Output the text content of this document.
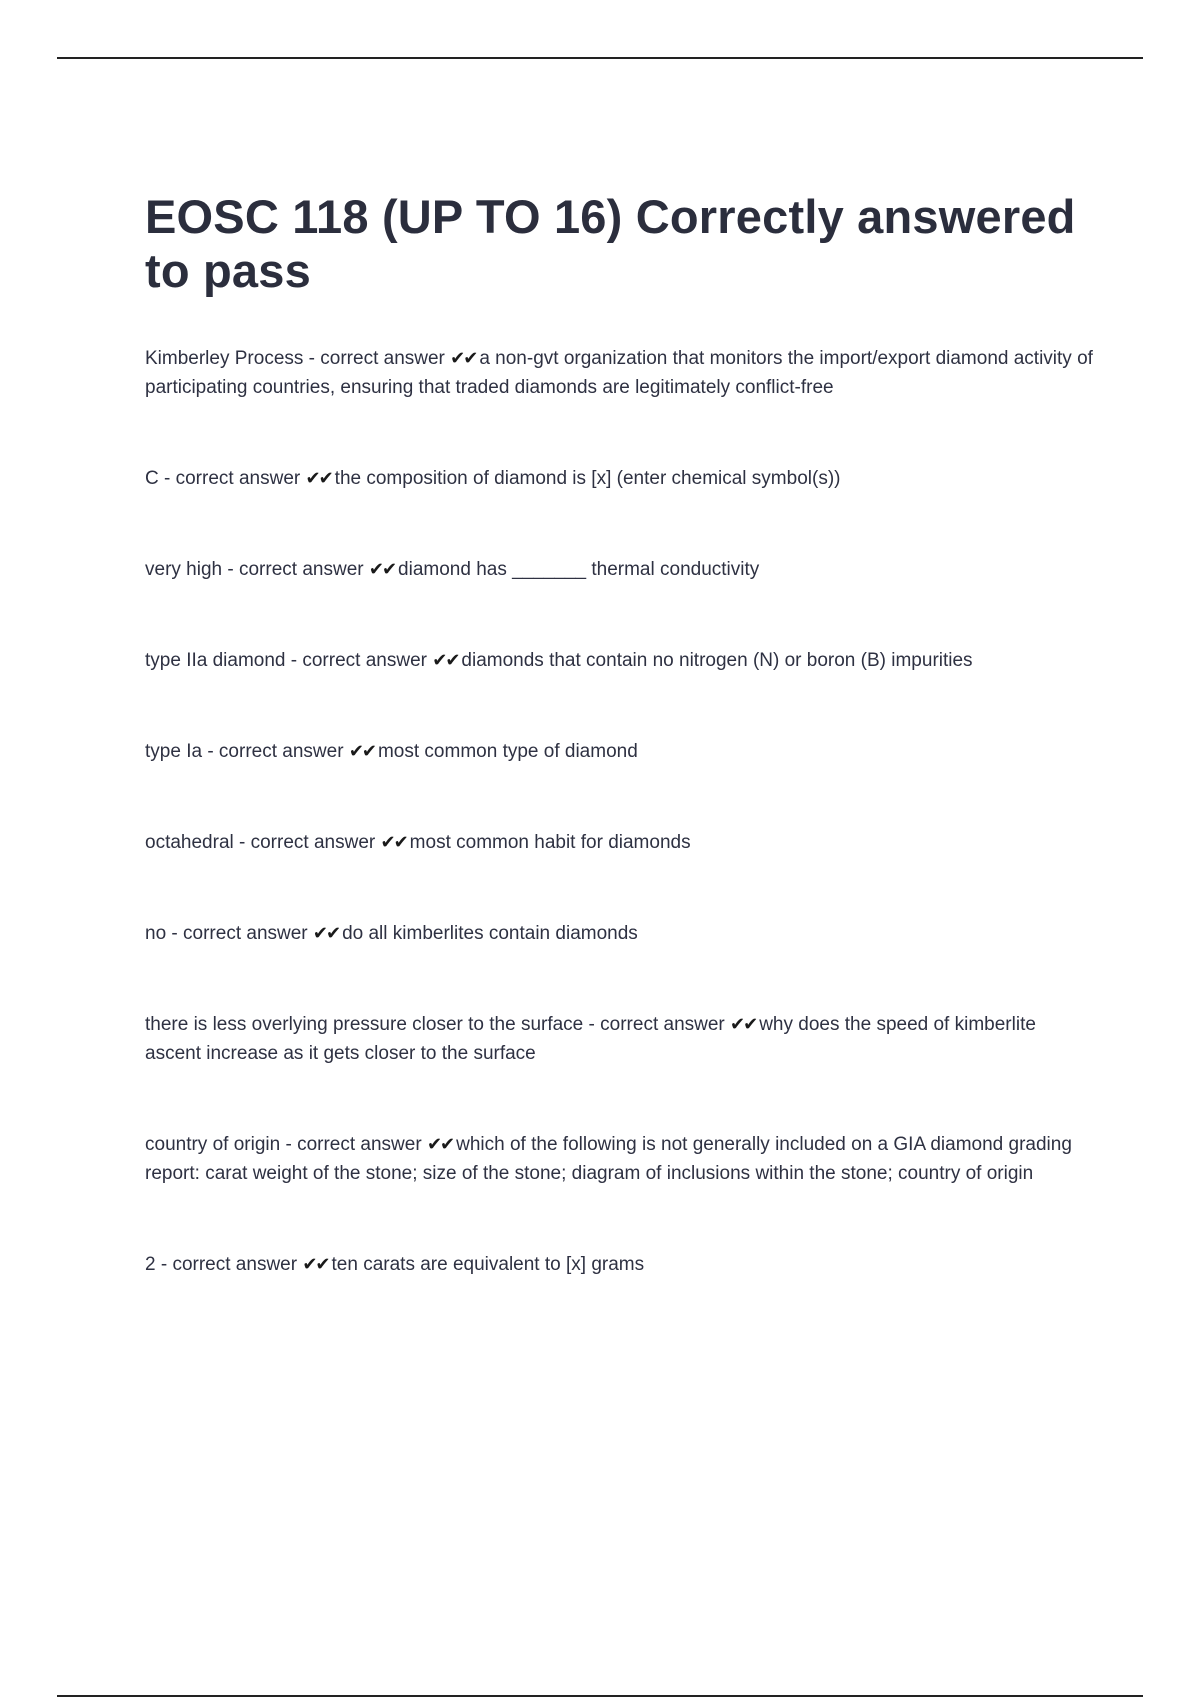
EOSC 118 (UP TO 16) Correctly answered to pass

Kimberley Process - correct answer ✔✔ a non-gvt organization that monitors the import/export diamond activity of participating countries, ensuring that traded diamonds are legitimately conflict-free

C - correct answer ✔✔ the composition of diamond is [x] (enter chemical symbol(s))

very high - correct answer ✔✔ diamond has _______ thermal conductivity

type IIa diamond - correct answer ✔✔ diamonds that contain no nitrogen (N) or boron (B) impurities

type Ia - correct answer ✔✔ most common type of diamond

octahedral - correct answer ✔✔ most common habit for diamonds

no - correct answer ✔✔ do all kimberlites contain diamonds

there is less overlying pressure closer to the surface - correct answer ✔✔ why does the speed of kimberlite ascent increase as it gets closer to the surface

country of origin - correct answer ✔✔ which of the following is not generally included on a GIA diamond grading report: carat weight of the stone; size of the stone; diagram of inclusions within the stone; country of origin

2 - correct answer ✔✔ ten carats are equivalent to [x] grams
